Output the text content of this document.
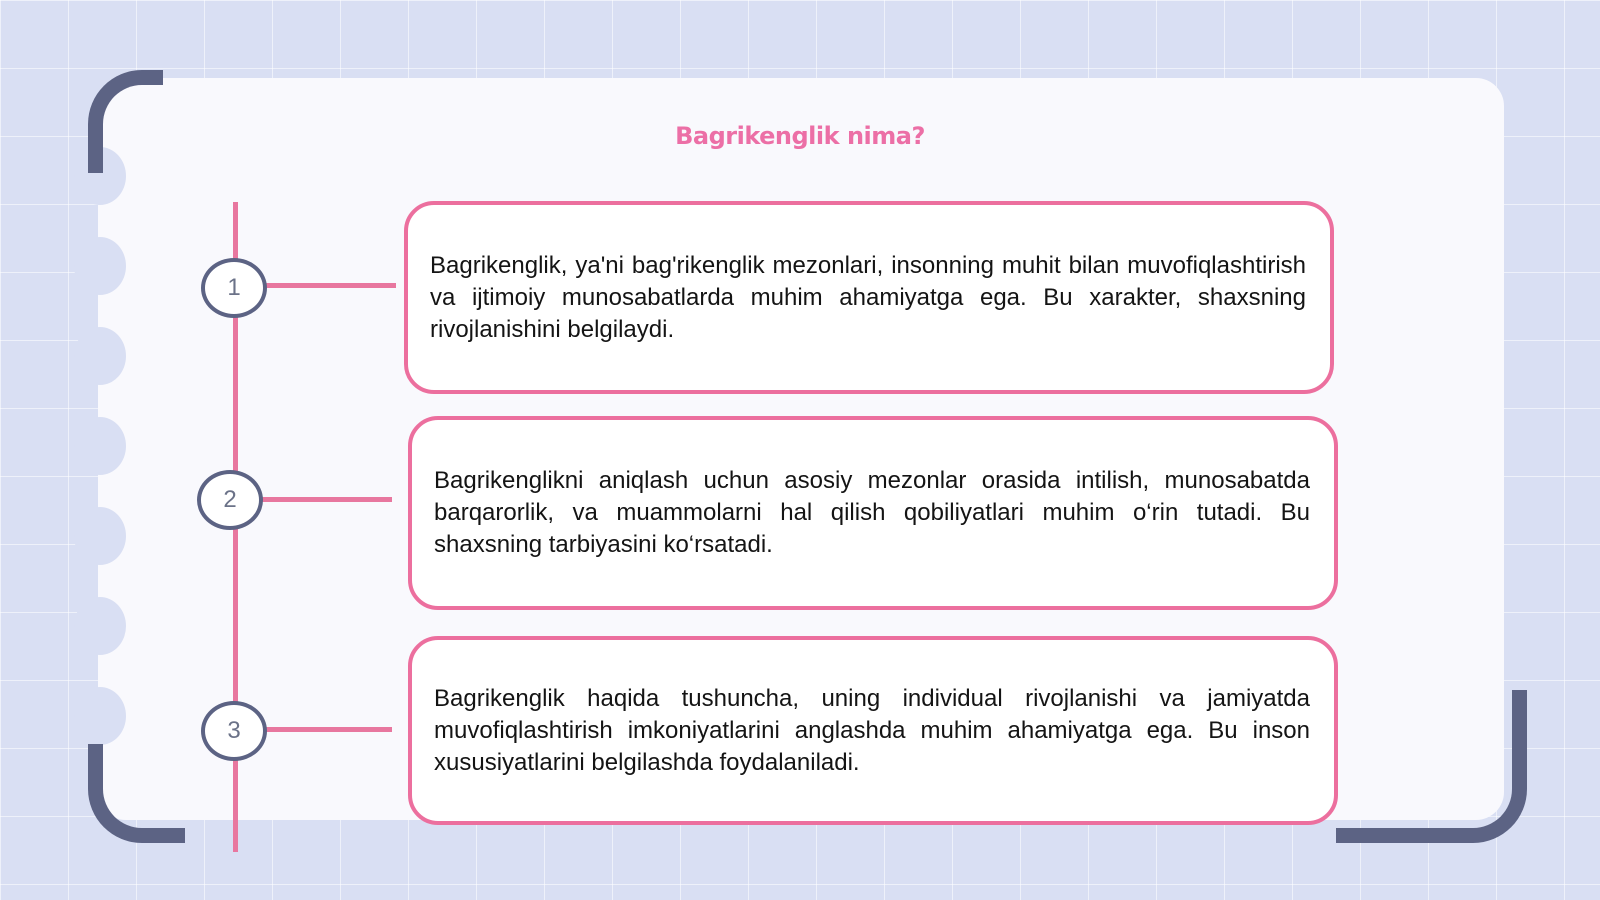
Bagrikenglik nima?
1
2
3

Bagrikenglik, ya'ni bag'rikenglik mezonlari, insonning muhit bilan muvofiqlashtirish va ijtimoiy munosabatlarda muhim ahamiyatga ega. Bu xarakter, shaxsning rivojlanishini belgilaydi.

Bagrikenglikni aniqlash uchun asosiy mezonlar orasida intilish, munosabatda barqarorlik, va muammolarni hal qilish qobiliyatlari muhim o‘rin tutadi. Bu shaxsning tarbiyasini ko‘rsatadi.

Bagrikenglik haqida tushuncha, uning individual rivojlanishi va jamiyatda muvofiqlashtirish imkoniyatlarini anglashda muhim ahamiyatga ega. Bu inson xususiyatlarini belgilashda foydalaniladi.
